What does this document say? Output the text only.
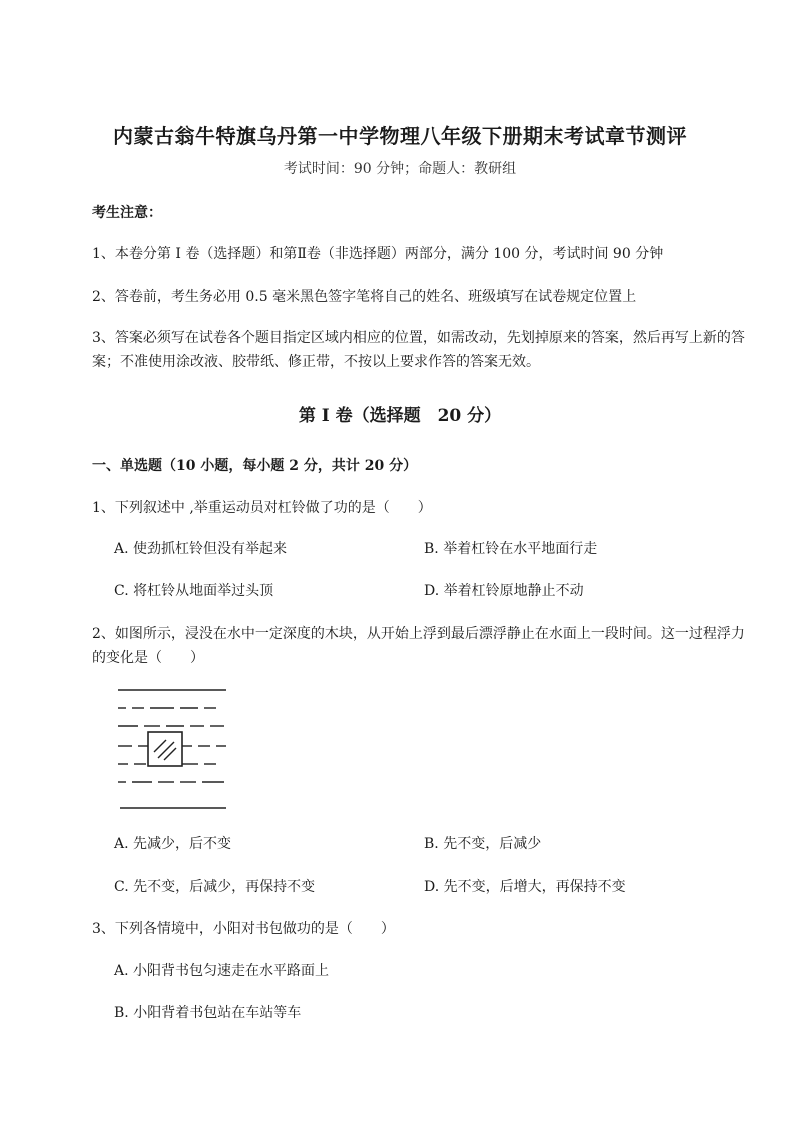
内蒙古翁牛特旗乌丹第一中学物理八年级下册期末考试章节测评
考试时间：90 分钟；命题人：教研组
考生注意：
1、本卷分第 I 卷（选择题）和第Ⅱ卷（非选择题）两部分，满分 100 分，考试时间 90 分钟
2、答卷前，考生务必用 0.5 毫米黑色签字笔将自己的姓名、班级填写在试卷规定位置上
3、答案必须写在试卷各个题目指定区域内相应的位置，如需改动，先划掉原来的答案，然后再写上新的答案；不准使用涂改液、胶带纸、修正带，不按以上要求作答的答案无效。
第 I 卷（选择题　20 分）
一、单选题（10 小题，每小题 2 分，共计 20 分）
1、下列叙述中 ,举重运动员对杠铃做了功的是（　　）
A. 使劲抓杠铃但没有举起来	B. 举着杠铃在水平地面行走
C. 将杠铃从地面举过头顶	D. 举着杠铃原地静止不动
2、如图所示，浸没在水中一定深度的木块，从开始上浮到最后漂浮静止在水面上一段时间。这一过程浮力的变化是（　　）
A. 先减少，后不变	B. 先不变，后减少
C. 先不变，后减少，再保持不变	D. 先不变，后增大，再保持不变
3、下列各情境中，小阳对书包做功的是（　　）
A. 小阳背书包匀速走在水平路面上
B. 小阳背着书包站在车站等车
